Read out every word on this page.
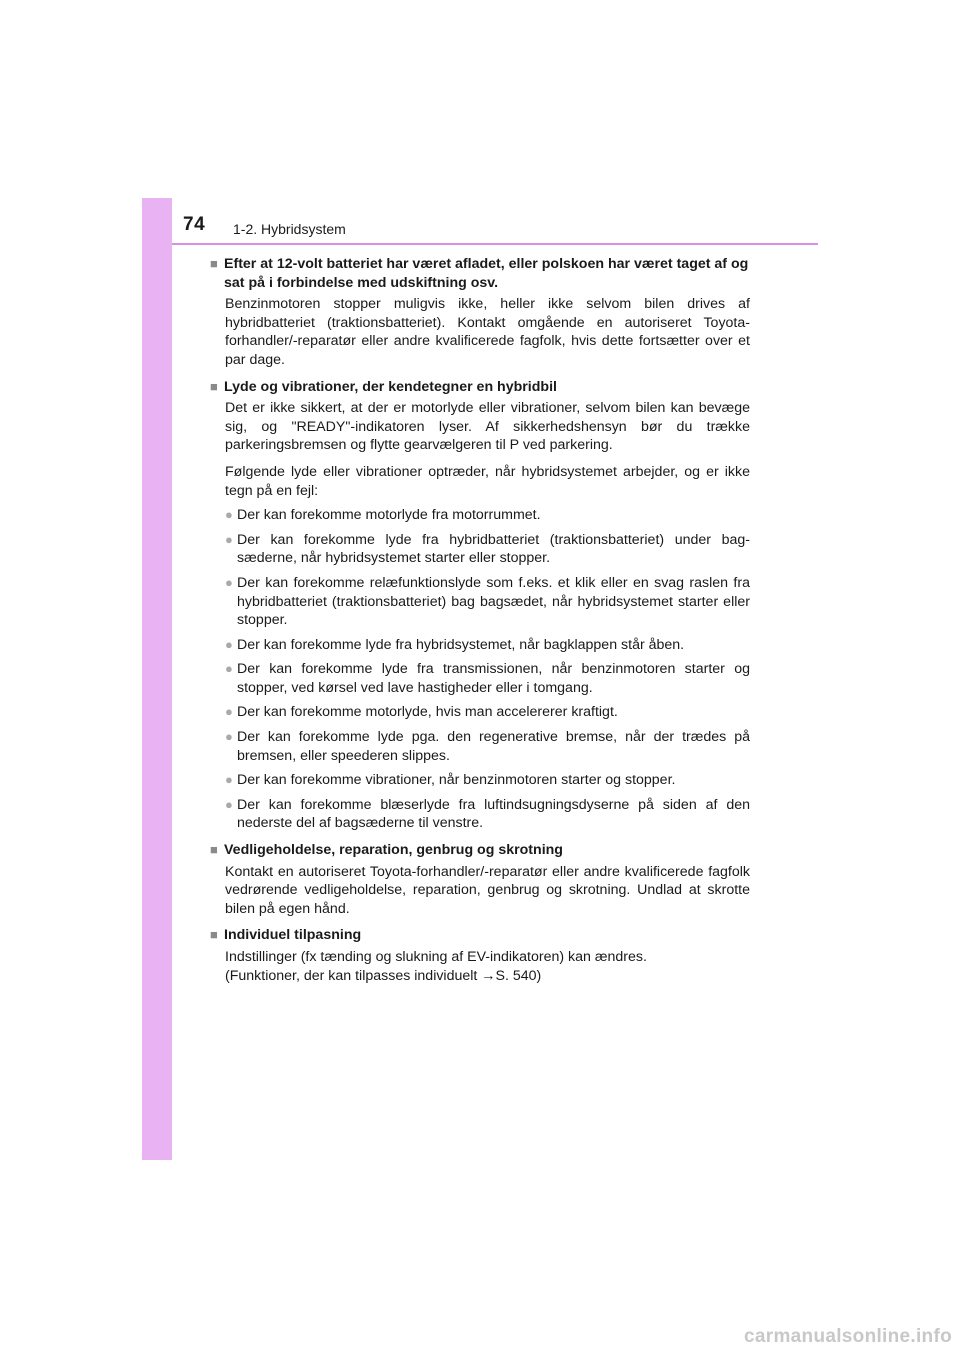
74 1-2. Hybridsystem
■ Efter at 12-volt batteriet har været afladet, eller polskoen har været taget af og sat på i forbindelse med udskiftning osv.
Benzinmotoren stopper muligvis ikke, heller ikke selvom bilen drives af hybridbatteriet (traktionsbatteriet). Kontakt omgående en autoriseret Toyota-forhandler/-reparatør eller andre kvalificerede fagfolk, hvis dette fortsætter over et par dage.
■ Lyde og vibrationer, der kendetegner en hybridbil
Det er ikke sikkert, at der er motorlyde eller vibrationer, selvom bilen kan bevæge sig, og "READY"-indikatoren lyser. Af sikkerhedshensyn bør du trække parkeringsbremsen og flytte gearvælgeren til P ved parkering.
Følgende lyde eller vibrationer optræder, når hybridsystemet arbejder, og er ikke tegn på en fejl:
● Der kan forekomme motorlyde fra motorrummet.
● Der kan forekomme lyde fra hybridbatteriet (traktionsbatteriet) under bag-sæderne, når hybridsystemet starter eller stopper.
● Der kan forekomme relæfunktionslyde som f.eks. et klik eller en svag raslen fra hybridbatteriet (traktionsbatteriet) bag bagsædet, når hybridsystemet starter eller stopper.
● Der kan forekomme lyde fra hybridsystemet, når bagklappen står åben.
● Der kan forekomme lyde fra transmissionen, når benzinmotoren starter og stopper, ved kørsel ved lave hastigheder eller i tomgang.
● Der kan forekomme motorlyde, hvis man accelererer kraftigt.
● Der kan forekomme lyde pga. den regenerative bremse, når der trædes på bremsen, eller speederen slippes.
● Der kan forekomme vibrationer, når benzinmotoren starter og stopper.
● Der kan forekomme blæserlyde fra luftindsugningsdyserne på siden af den nederste del af bagsæderne til venstre.
■ Vedligeholdelse, reparation, genbrug og skrotning
Kontakt en autoriseret Toyota-forhandler/-reparatør eller andre kvalificerede fagfolk vedrørende vedligeholdelse, reparation, genbrug og skrotning. Undlad at skrotte bilen på egen hånd.
■ Individuel tilpasning
Indstillinger (fx tænding og slukning af EV-indikatoren) kan ændres.
(Funktioner, der kan tilpasses individuelt →S. 540)
carmanualsonline.info
